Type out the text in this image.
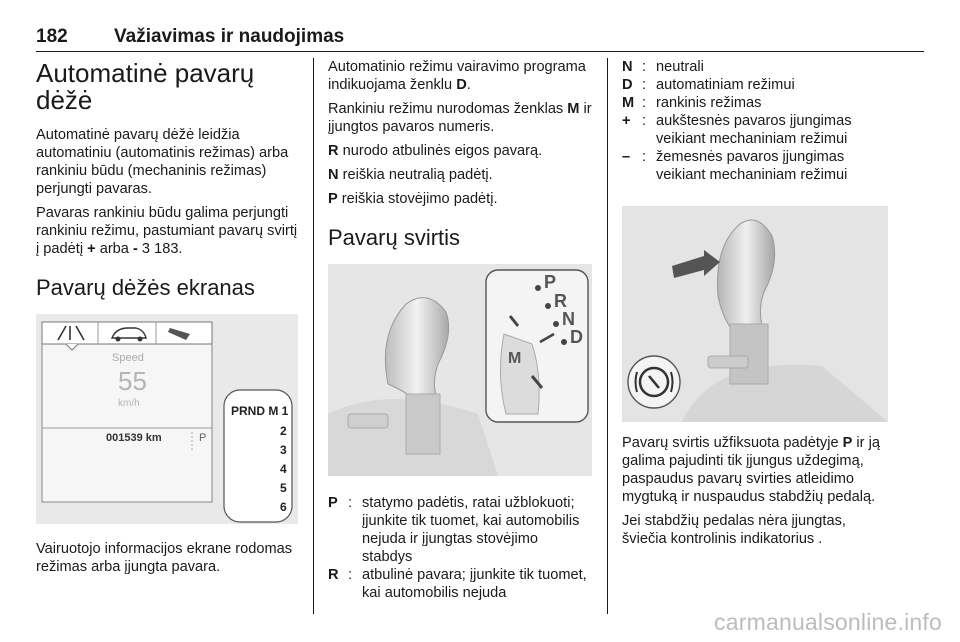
182 Važiavimas ir naudojimas
Automatinė pavarų dėžė

Automatinė pavarų dėžė leidžia automatiniu (automatinis režimas) arba rankiniu būdu (mechaninis režimas) perjungti pavaras.

Pavaras rankiniu būdu galima perjungti rankiniu režimu, pastumiant pavarų svirtį į padėtį + arba - 3 183.

Pavarų dėžės ekranas
Speed
55
km/h
001539 km	P
PRND M 1
2
3
4
5
6

Vairuotojo informacijos ekrane rodomas režimas arba įjungta pavara.

Automatinio režimu vairavimo programa indikuojama ženklu D.

Rankiniu režimu nurodomas ženklas M ir įjungtos pavaros numeris.

R nurodo atbulinės eigos pavarą.

N reiškia neutralią padėtį.

P reiškia stovėjimo padėtį.

Pavarų svirtis
P
R
N
D
M
P : statymo padėtis, ratai užblokuoti; įjunkite tik tuomet, kai automobilis nejuda ir įjungtas stovėjimo stabdys
R : atbulinė pavara; įjunkite tik tuomet, kai automobilis nejuda
N : neutrali
D : automatiniam režimui
M : rankinis režimas
+ : aukštesnės pavaros įjungimas veikiant mechaniniam režimui
– : žemesnės pavaros įjungimas veikiant mechaniniam režimui

Pavarų svirtis užfiksuota padėtyje P ir ją galima pajudinti tik įjungus uždegimą, paspaudus pavarų svirties atleidimo mygtuką ir nuspaudus stabdžių pedalą.

Jei stabdžių pedalas nėra įjungtas, šviečia kontrolinis indikatorius .

carmanualsonline.info
